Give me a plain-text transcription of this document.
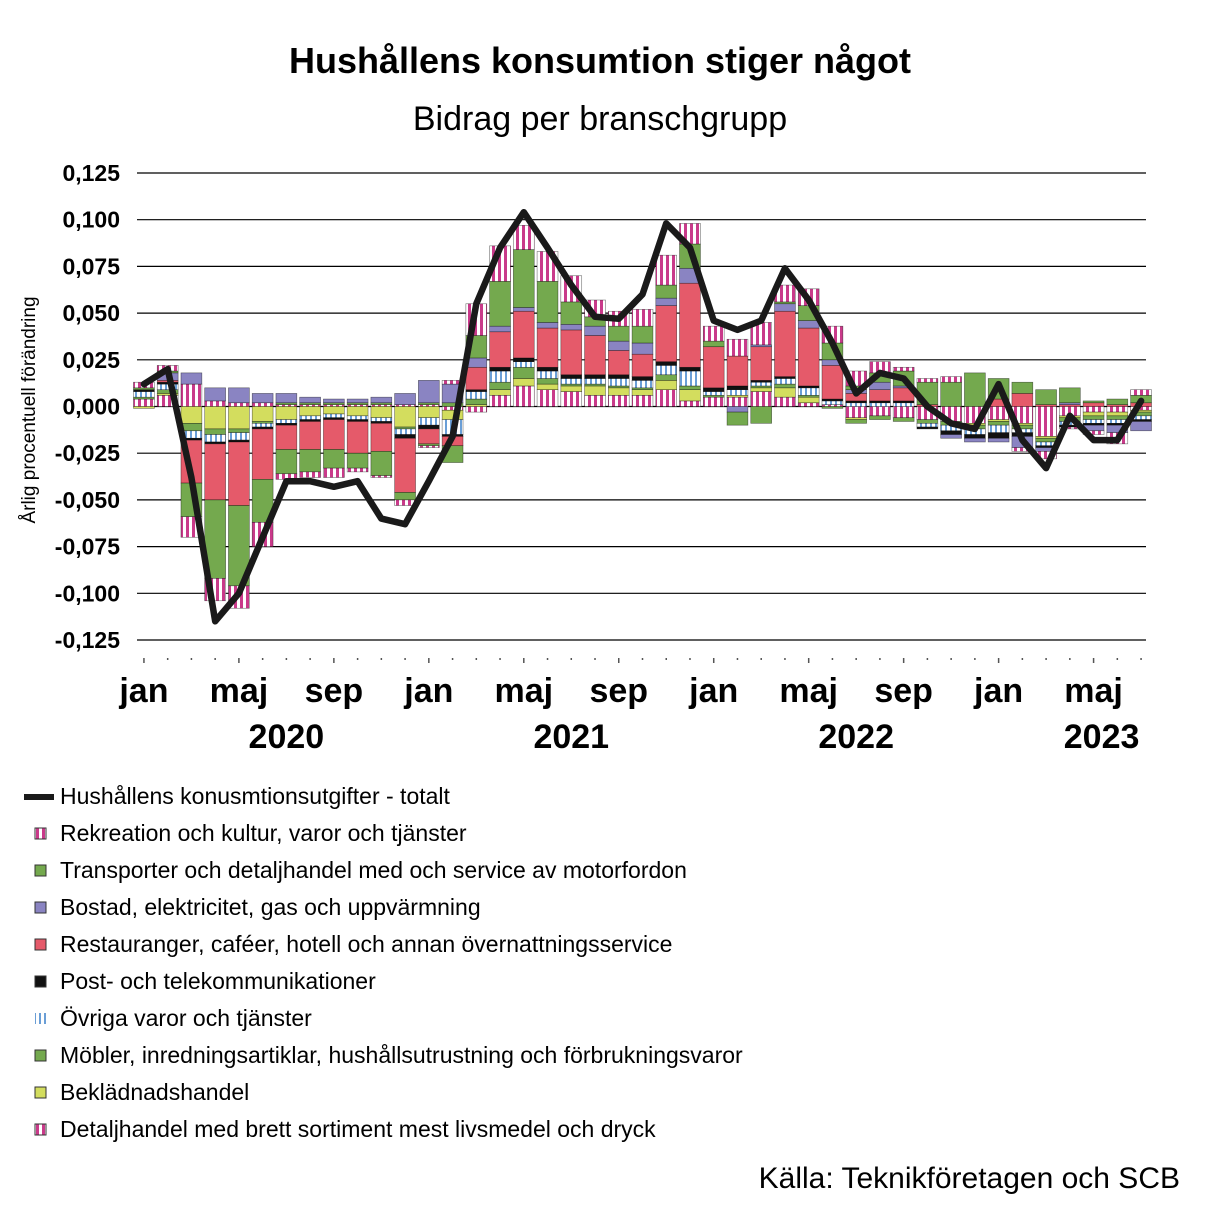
Hushållens konsumtion stiger något
Bidrag per branschgrupp
Årlig procentuell förändring
0,125
0,100
0,075
0,050
0,025
0,000
-0,025
-0,050
-0,075
-0,100
-0,125
jan maj sep jan maj sep jan maj sep jan maj
2020	2021	2022	2023
Hushållens konusmtionsutgifter - totalt
Rekreation och kultur, varor och tjänster
Transporter och detaljhandel med och service av motorfordon
Bostad, elektricitet, gas och uppvärmning
Restauranger, caféer, hotell och annan övernattningsservice
Post- och telekommunikationer
Övriga varor och tjänster
Möbler, inredningsartiklar, hushållsutrustning och förbrukningsvaror
Beklädnadshandel
Detaljhandel med brett sortiment mest livsmedel och dryck
Källa: Teknikföretagen och SCB
